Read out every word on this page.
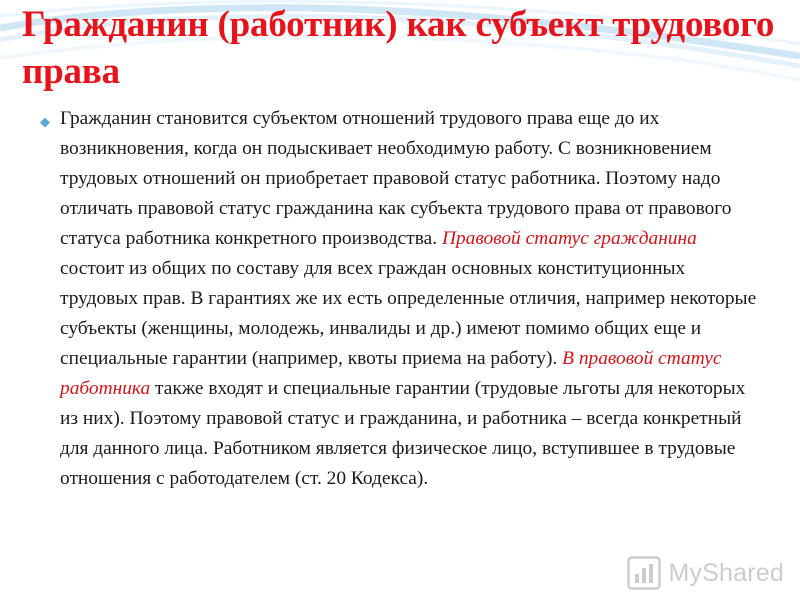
Гражданин (работник) как субъект трудового права
◆ Гражданин становится субъектом отношений трудового права еще до их возникновения, когда он подыскивает необходимую работу. С возникновением трудовых отношений он приобретает правовой статус работника. Поэтому надо отличать правовой статус гражданина как субъекта трудового права от правового статуса работника конкретного производства. Правовой статус гражданина состоит из общих по составу для всех граждан основных конституционных трудовых прав. В гарантиях же их есть определенные отличия, например некоторые субъекты (женщины, молодежь, инвалиды и др.) имеют помимо общих еще и специальные гарантии (например, квоты приема на работу). В правовой статус работника также входят и специальные гарантии (трудовые льготы для некоторых из них). Поэтому правовой статус и гражданина, и работника – всегда конкретный для данного лица. Работником является физическое лицо, вступившее в трудовые отношения с работодателем (ст. 20 Кодекса).
MyShared
